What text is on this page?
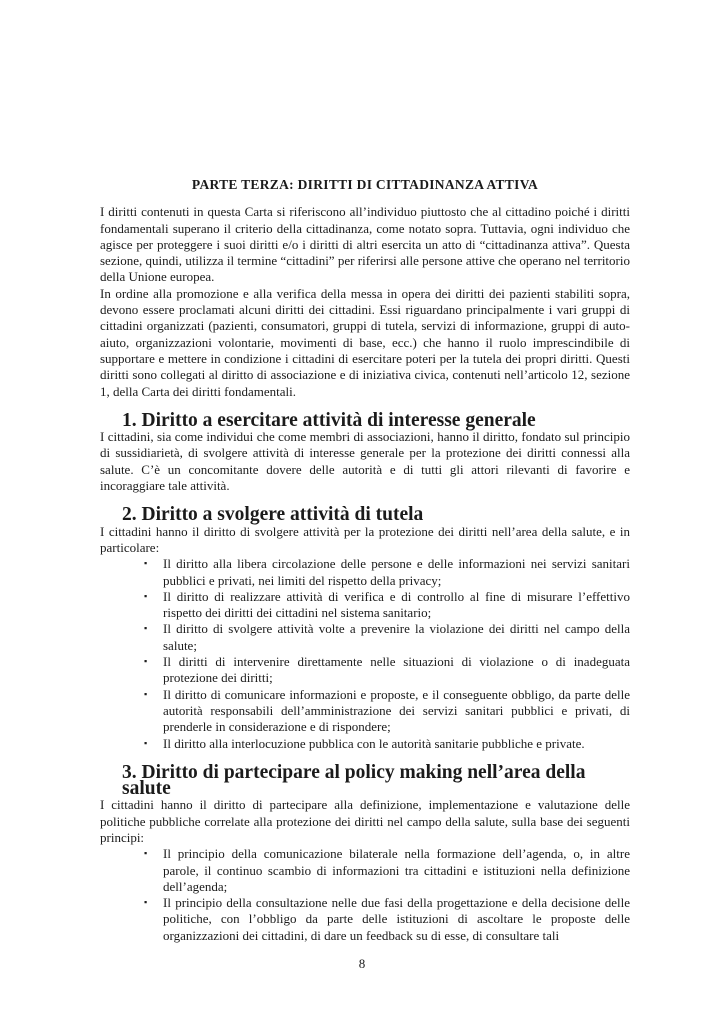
PARTE TERZA: DIRITTI DI CITTADINANZA ATTIVA

I diritti contenuti in questa Carta si riferiscono all’individuo piuttosto che al cittadino poiché i diritti fondamentali superano il criterio della cittadinanza, come notato sopra. Tuttavia, ogni individuo che agisce per proteggere i suoi diritti e/o i diritti di altri esercita un atto di “cittadinanza attiva”. Questa sezione, quindi, utilizza il termine “cittadini” per riferirsi alle persone attive che operano nel territorio della Unione europea.

In ordine alla promozione e alla verifica della messa in opera dei diritti dei pazienti stabiliti sopra, devono essere proclamati alcuni diritti dei cittadini. Essi riguardano principalmente i vari gruppi di cittadini organizzati (pazienti, consumatori, gruppi di tutela, servizi di informazione, gruppi di auto-aiuto, organizzazioni volontarie, movimenti di base, ecc.) che hanno il ruolo imprescindibile di supportare e mettere in condizione i cittadini di esercitare poteri per la tutela dei propri diritti. Questi diritti sono collegati al diritto di associazione e di iniziativa civica, contenuti nell’articolo 12, sezione 1, della Carta dei diritti fondamentali.

1. Diritto a esercitare attività di interesse generale

I cittadini, sia come individui che come membri di associazioni, hanno il diritto, fondato sul principio di sussidiarietà, di svolgere attività di interesse generale per la protezione dei diritti connessi alla salute. C’è un concomitante dovere delle autorità e di tutti gli attori rilevanti di favorire e incoraggiare tale attività.

2. Diritto a svolgere attività di tutela

I cittadini hanno il diritto di svolgere attività per la protezione dei diritti nell’area della salute, e in particolare:

▪ Il diritto alla libera circolazione delle persone e delle informazioni nei servizi sanitari pubblici e privati, nei limiti del rispetto della privacy;
▪ Il diritto di realizzare attività di verifica e di controllo al fine di misurare l’effettivo rispetto dei diritti dei cittadini nel sistema sanitario;
▪ Il diritto di svolgere attività volte a prevenire la violazione dei diritti nel campo della salute;
▪ Il diritti di intervenire direttamente nelle situazioni di violazione o di inadeguata protezione dei diritti;
▪ Il diritto di comunicare informazioni e proposte, e il conseguente obbligo, da parte delle autorità responsabili dell’amministrazione dei servizi sanitari pubblici e privati, di prenderle in considerazione e di rispondere;
▪ Il diritto alla interlocuzione pubblica con le autorità sanitarie pubbliche e private.
3. Diritto di partecipare al policy making nell’area della salute

I cittadini hanno il diritto di partecipare alla definizione, implementazione e valutazione delle politiche pubbliche correlate alla protezione dei diritti nel campo della salute, sulla base dei seguenti principi:

▪ Il principio della comunicazione bilaterale nella formazione dell’agenda, o, in altre parole, il continuo scambio di informazioni tra cittadini e istituzioni nella definizione dell’agenda;
▪ Il principio della consultazione nelle due fasi della progettazione e della decisione delle politiche, con l’obbligo da parte delle istituzioni di ascoltare le proposte delle organizzazioni dei cittadini, di dare un feedback su di esse, di consultare tali
8
